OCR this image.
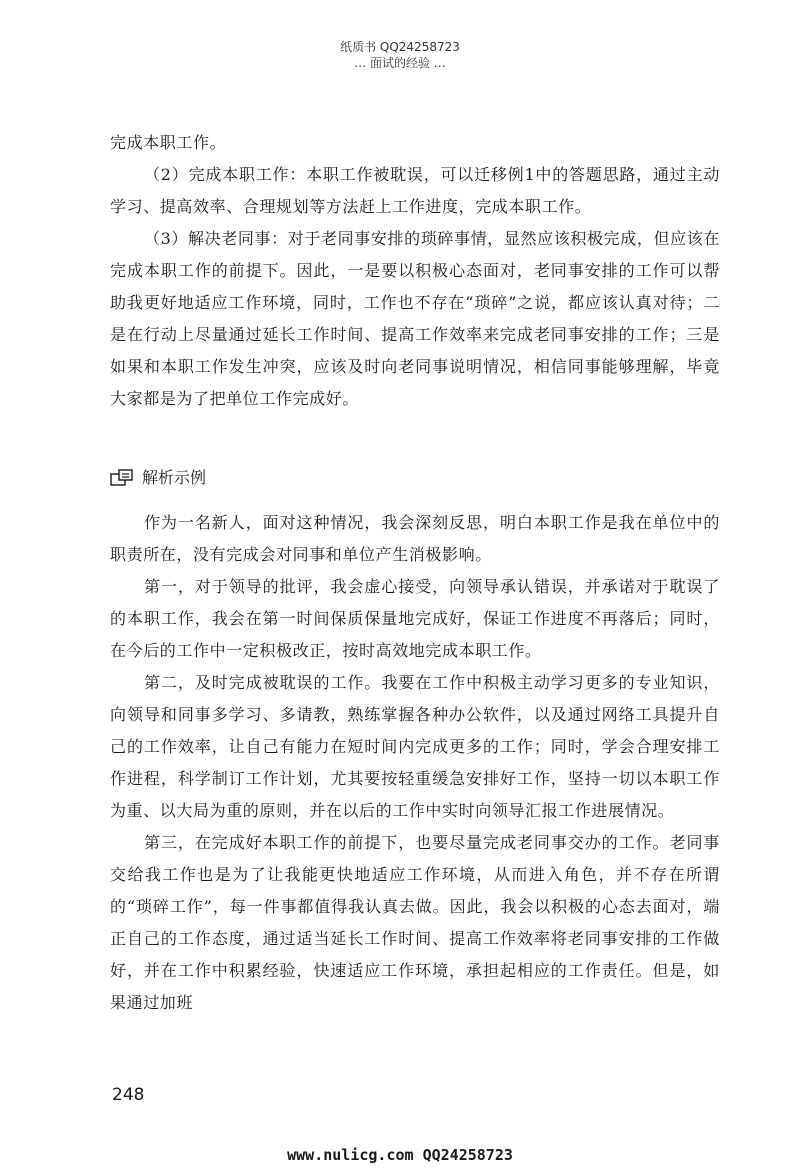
纸质书 QQ24258723
… 面试的经验 …

完成本职工作。

（2）完成本职工作：本职工作被耽误，可以迁移例1中的答题思路，通过主动学习、提高效率、合理规划等方法赶上工作进度，完成本职工作。

（3）解决老同事：对于老同事安排的琐碎事情，显然应该积极完成，但应该在完成本职工作的前提下。因此，一是要以积极心态面对，老同事安排的工作可以帮助我更好地适应工作环境，同时，工作也不存在“琐碎”之说，都应该认真对待；二是在行动上尽量通过延长工作时间、提高工作效率来完成老同事安排的工作；三是如果和本职工作发生冲突，应该及时向老同事说明情况，相信同事能够理解，毕竟大家都是为了把单位工作完成好。

解析示例

作为一名新人，面对这种情况，我会深刻反思，明白本职工作是我在单位中的职责所在，没有完成会对同事和单位产生消极影响。

第一，对于领导的批评，我会虚心接受，向领导承认错误，并承诺对于耽误了的本职工作，我会在第一时间保质保量地完成好，保证工作进度不再落后；同时，在今后的工作中一定积极改正，按时高效地完成本职工作。

第二，及时完成被耽误的工作。我要在工作中积极主动学习更多的专业知识，向领导和同事多学习、多请教，熟练掌握各种办公软件，以及通过网络工具提升自己的工作效率，让自己有能力在短时间内完成更多的工作；同时，学会合理安排工作进程，科学制订工作计划，尤其要按轻重缓急安排好工作，坚持一切以本职工作为重、以大局为重的原则，并在以后的工作中实时向领导汇报工作进展情况。

第三，在完成好本职工作的前提下，也要尽量完成老同事交办的工作。老同事交给我工作也是为了让我能更快地适应工作环境，从而进入角色，并不存在所谓的“琐碎工作”，每一件事都值得我认真去做。因此，我会以积极的心态去面对，端正自己的工作态度，通过适当延长工作时间、提高工作效率将老同事安排的工作做好，并在工作中积累经验，快速适应工作环境，承担起相应的工作责任。但是，如果通过加班

248
www.nulicg.com QQ24258723
